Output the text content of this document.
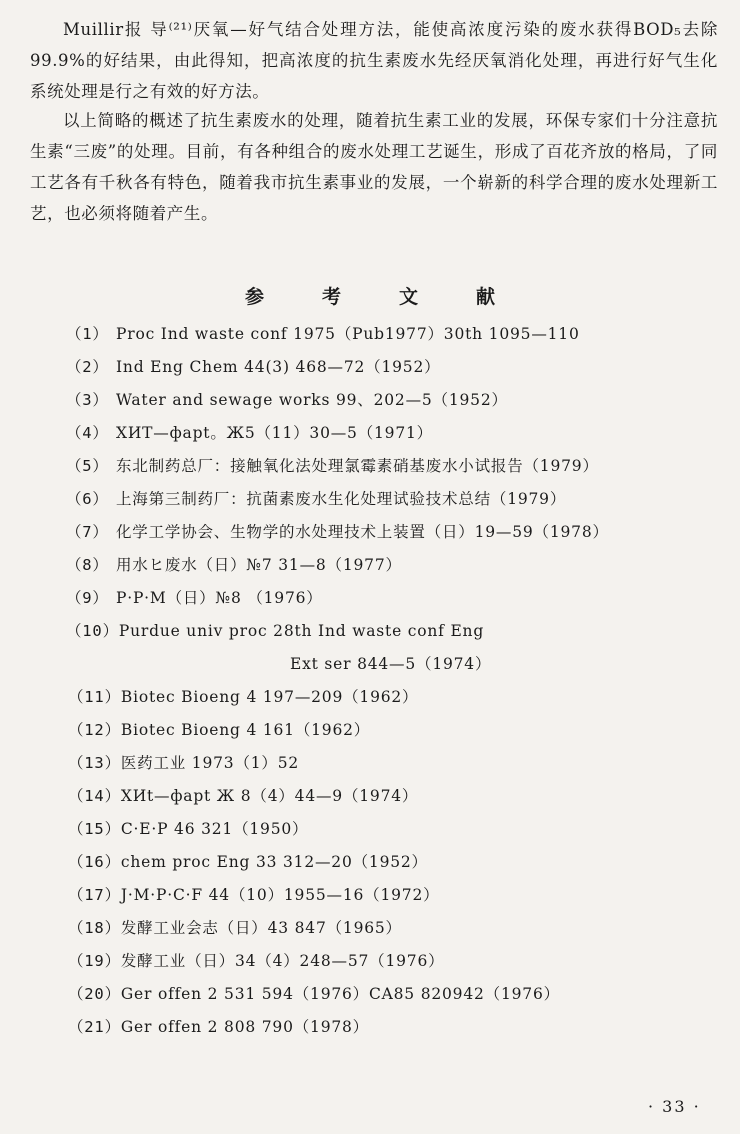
Muillir报 导⁽²¹⁾厌氧—好气结合处理方法，能使高浓度污染的废水获得BOD₅去除99.9%的好结果，由此得知，把高浓度的抗生素废水先经厌氧消化处理，再进行好气生化系统处理是行之有效的好方法。

以上简略的概述了抗生素废水的处理，随着抗生素工业的发展，环保专家们十分注意抗生素“三废”的处理。目前，有各种组合的废水处理工艺诞生，形成了百花齐放的格局，了同工艺各有千秋各有特色，随着我市抗生素事业的发展，一个崭新的科学合理的废水处理新工艺，也必须将随着产生。

参考文献
（1） Proc Ind waste conf 1975（Pub1977）30th 1095—110
（2） Ind Eng Chem 44(3) 468—72（1952）
（3） Water and sewage works 99、202—5（1952）
（4） XИT—фapt。Ж5（11）30—5（1971）
（5） 东北制药总厂：接触氧化法处理氯霉素硝基废水小试报告（1979）
（6） 上海第三制药厂：抗菌素废水生化处理试验技术总结（1979）
（7） 化学工学协会、生物学的水处理技术上装置（日）19—59（1978）
（8） 用水ヒ废水（日）№7 31—8（1977）
（9） P·P·M（日）№8 （1976）
（10）Purdue univ proc 28th Ind waste conf Eng
Ext ser 844—5（1974）
（11）Biotec Bioeng 4 197—209（1962）
（12）Biotec Bioeng 4 161（1962）
（13）医药工业 1973（1）52
（14）XИt—фapt Ж 8（4）44—9（1974）
（15）C·E·P 46 321（1950）
（16）chem proc Eng 33 312—20（1952）
（17）J·M·P·C·F 44（10）1955—16（1972）
（18）发酵工业会志（日）43 847（1965）
（19）发酵工业（日）34（4）248—57（1976）
（20）Ger offen 2 531 594（1976）CA85 820942（1976）
（21）Ger offen 2 808 790（1978）
· 33 ·
